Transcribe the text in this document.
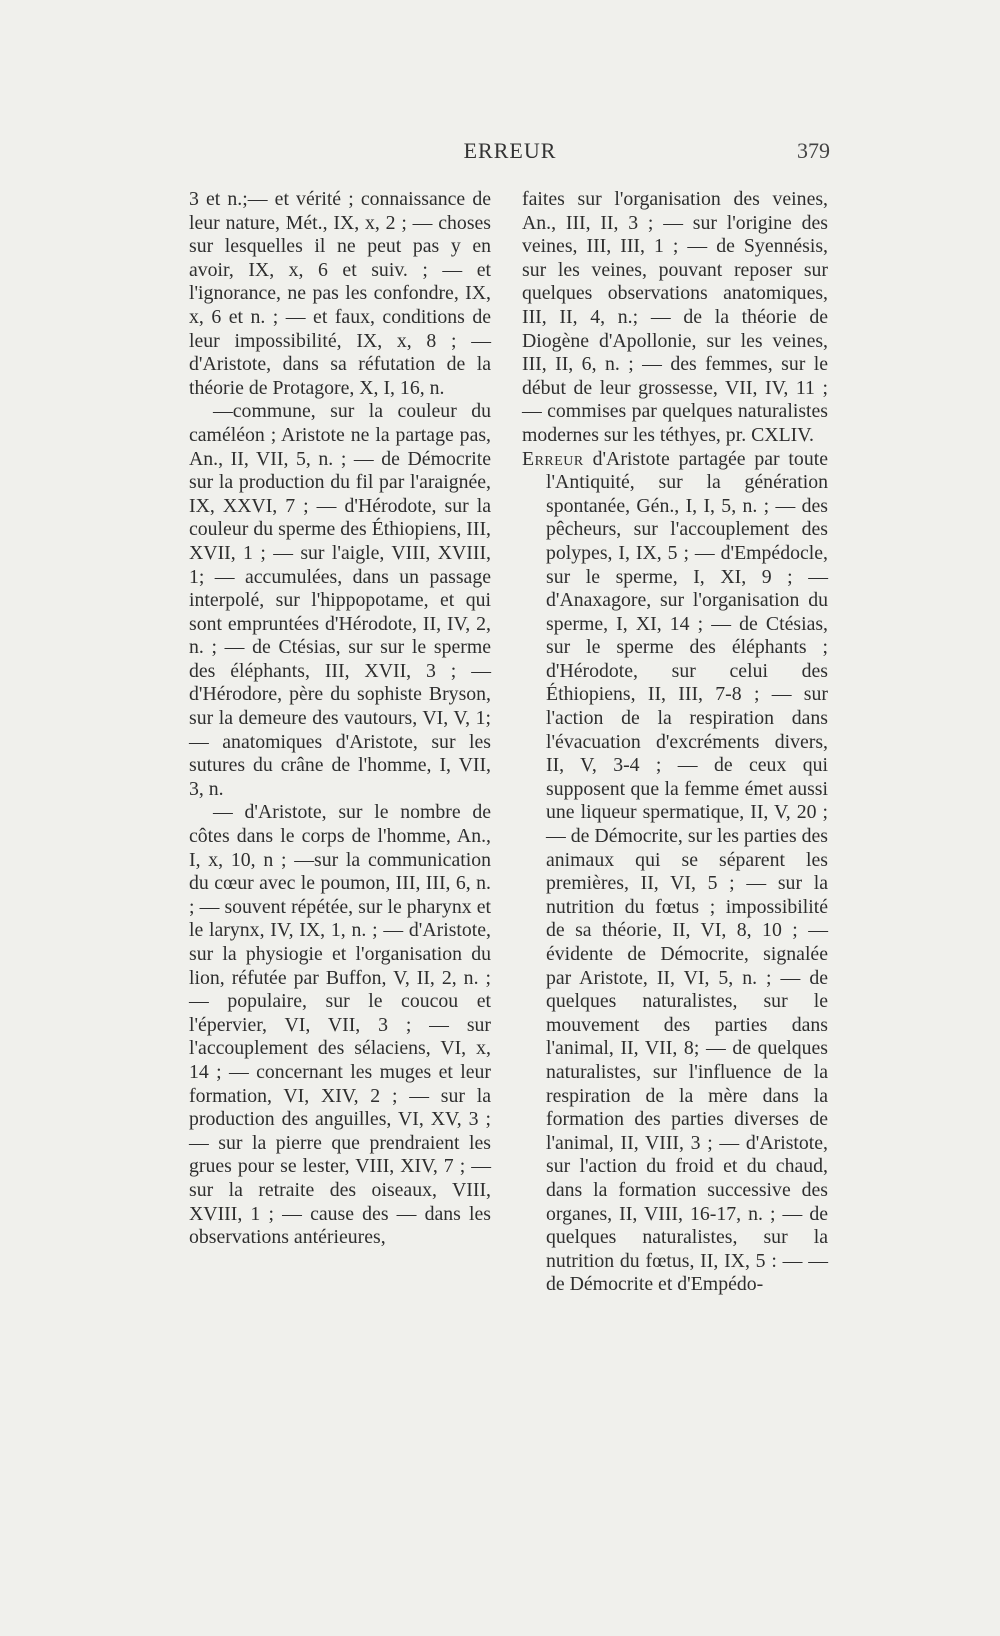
ERREUR	379

3 et n.;— et vérité ; connaissance de leur nature, Mét., IX, x, 2 ; — choses sur lesquelles il ne peut pas y en avoir, IX, x, 6 et suiv. ; — et l'ignorance, ne pas les confondre, IX, x, 6 et n. ; — et faux, conditions de leur impossibilité, IX, x, 8 ; — d'Aristote, dans sa réfutation de la théorie de Protagore, X, I, 16, n.

—commune, sur la couleur du caméléon ; Aristote ne la partage pas, An., II, VII, 5, n. ; — de Démocrite sur la production du fil par l'araignée, IX, XXVI, 7 ; — d'Hérodote, sur la couleur du sperme des Éthiopiens, III, XVII, 1 ; — sur l'aigle, VIII, XVIII, 1; — accumulées, dans un passage interpolé, sur l'hippopotame, et qui sont empruntées d'Hérodote, II, IV, 2, n. ; — de Ctésias, sur sur le sperme des éléphants, III, XVII, 3 ; — d'Hérodore, père du sophiste Bryson, sur la demeure des vautours, VI, V, 1; — anatomiques d'Aristote, sur les sutures du crâne de l'homme, I, VII, 3, n.

— d'Aristote, sur le nombre de côtes dans le corps de l'homme, An., I, x, 10, n ; —sur la communication du cœur avec le poumon, III, III, 6, n. ; — souvent répétée, sur le pharynx et le larynx, IV, IX, 1, n. ; — d'Aristote, sur la physiogie et l'organisation du lion, réfutée par Buffon, V, II, 2, n. ; — populaire, sur le coucou et l'épervier, VI, VII, 3 ; — sur l'accouplement des sélaciens, VI, x, 14 ; — concernant les muges et leur formation, VI, XIV, 2 ; — sur la production des anguilles, VI, XV, 3 ; — sur la pierre que prendraient les grues pour se lester, VIII, XIV, 7 ; — sur la retraite des oiseaux, VIII, XVIII, 1 ; — cause des — dans les observations antérieures,

faites sur l'organisation des veines, An., III, II, 3 ; — sur l'origine des veines, III, III, 1 ; — de Syennésis, sur les veines, pouvant reposer sur quelques observations anatomiques, III, II, 4, n.; — de la théorie de Diogène d'Apollonie, sur les veines, III, II, 6, n. ; — des femmes, sur le début de leur grossesse, VII, IV, 11 ; — commises par quelques naturalistes modernes sur les téthyes, pr. CXLIV.

Erreur d'Aristote partagée par toute l'Antiquité, sur la génération spontanée, Gén., I, I, 5, n. ; — des pêcheurs, sur l'accouplement des polypes, I, IX, 5 ; — d'Empédocle, sur le sperme, I, XI, 9 ; — d'Anaxagore, sur l'organisation du sperme, I, XI, 14 ; — de Ctésias, sur le sperme des éléphants ; d'Hérodote, sur celui des Éthiopiens, II, III, 7-8 ; — sur l'action de la respiration dans l'évacuation d'excréments divers, II, V, 3-4 ; — de ceux qui supposent que la femme émet aussi une liqueur spermatique, II, V, 20 ; — de Démocrite, sur les parties des animaux qui se séparent les premières, II, VI, 5 ; — sur la nutrition du fœtus ; impossibilité de sa théorie, II, VI, 8, 10 ; — évidente de Démocrite, signalée par Aristote, II, VI, 5, n. ; — de quelques naturalistes, sur le mouvement des parties dans l'animal, II, VII, 8; — de quelques naturalistes, sur l'influence de la respiration de la mère dans la formation des parties diverses de l'animal, II, VIII, 3 ; — d'Aristote, sur l'action du froid et du chaud, dans la formation successive des organes, II, VIII, 16-17, n. ; — de quelques naturalistes, sur la nutrition du fœtus, II, IX, 5 : — — de Démocrite et d'Empédo-
